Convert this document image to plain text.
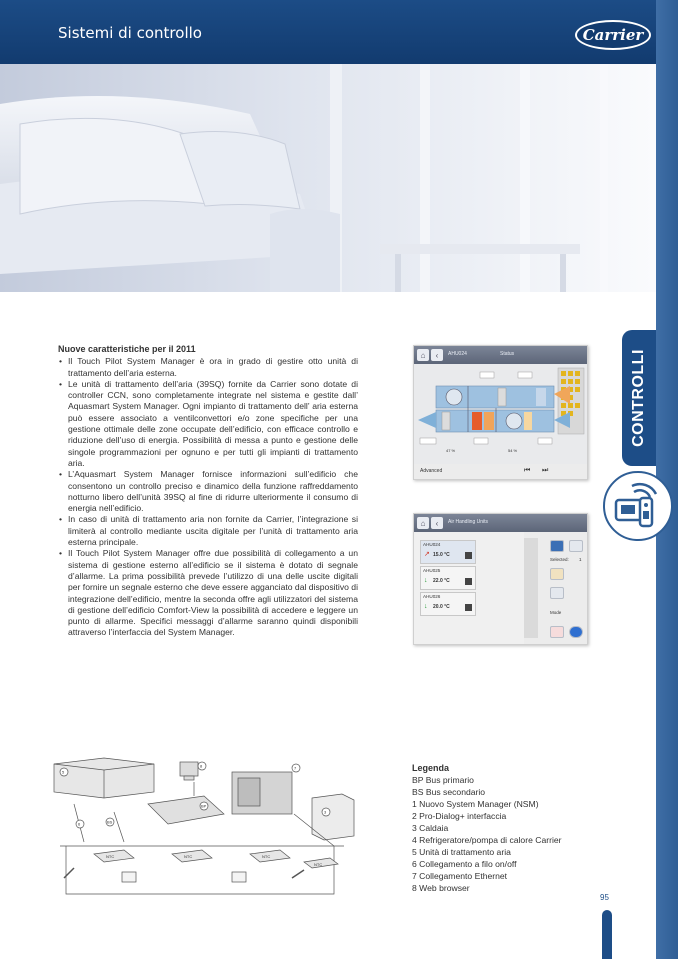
Sistemi di controllo	Carrier
CONTROLLI
Nuove caratteristiche per il 2011
• Il Touch Pilot System Manager è ora in grado di gestire otto unità di trattamento dell’aria esterna.
• Le unità di trattamento dell’aria (39SQ) fornite da Carrier sono dotate di controller CCN, sono completamente integrate nel sistema e gestite dall’ Aquasmart System Manager. Ogni impianto di trattamento dell’ aria esterna può essere associato a ventilconvettori e/o zone specifiche per una gestione ottimale delle zone occupate dell’edificio, con efficace controllo e riduzione dell’uso di energia. Possibilità di messa a punto e gestione delle singole programmazioni per ognuno e per tutti gli impianti di trattamento aria.
• L’Aquasmart System Manager fornisce informazioni sull’edificio che consentono un controllo preciso e dinamico della funzione raffreddamento notturno libero dell’unità 39SQ al fine di ridurre ulteriormente il consumo di energia nell’edificio.
• In caso di unità di trattamento aria non fornite da Carrier, l’integrazione si limiterà al controllo mediante uscita digitale per l’unità di trattamento aria esterna principale.
• Il Touch Pilot System Manager offre due possibilità di collegamento a un sistema di gestione esterno all’edificio se il sistema è dotato di segnale d’allarme. La prima possibilità prevede l’utilizzo di una delle uscite digitali per fornire un segnale esterno che deve essere agganciato dal dispositivo di integrazione dell’edificio, mentre la seconda offre agli utilizzatori del sistema di gestione dell’edificio Comfort-View la possibilità di accedere e leggere un punto di allarme. Specifici messaggi d’allarme saranno quindi disponibili attraverso l’interfaccia del System Manager.
⌂	‹	AHU024	Status
47 %	54 %
Advanced	⏮ ⏭
⌂	‹	Air Handling Units
AHU024
↗ 15.0 °C
AHU025
↓ 22.0 °C
AHU026
↓ 20.0 °C
Selected: 1
Mode
5
8	7
3
6	BS
BP
NTC	NTC	NTC
NTC
Legenda
BP Bus primario
BS Bus secondario
1 Nuovo System Manager (NSM)
2 Pro-Dialog+ interfaccia
3 Caldaia
4 Refrigeratore/pompa di calore Carrier
5 Unità di trattamento aria
6 Collegamento a filo on/off
7 Collegamento Ethernet
8 Web browser
95
